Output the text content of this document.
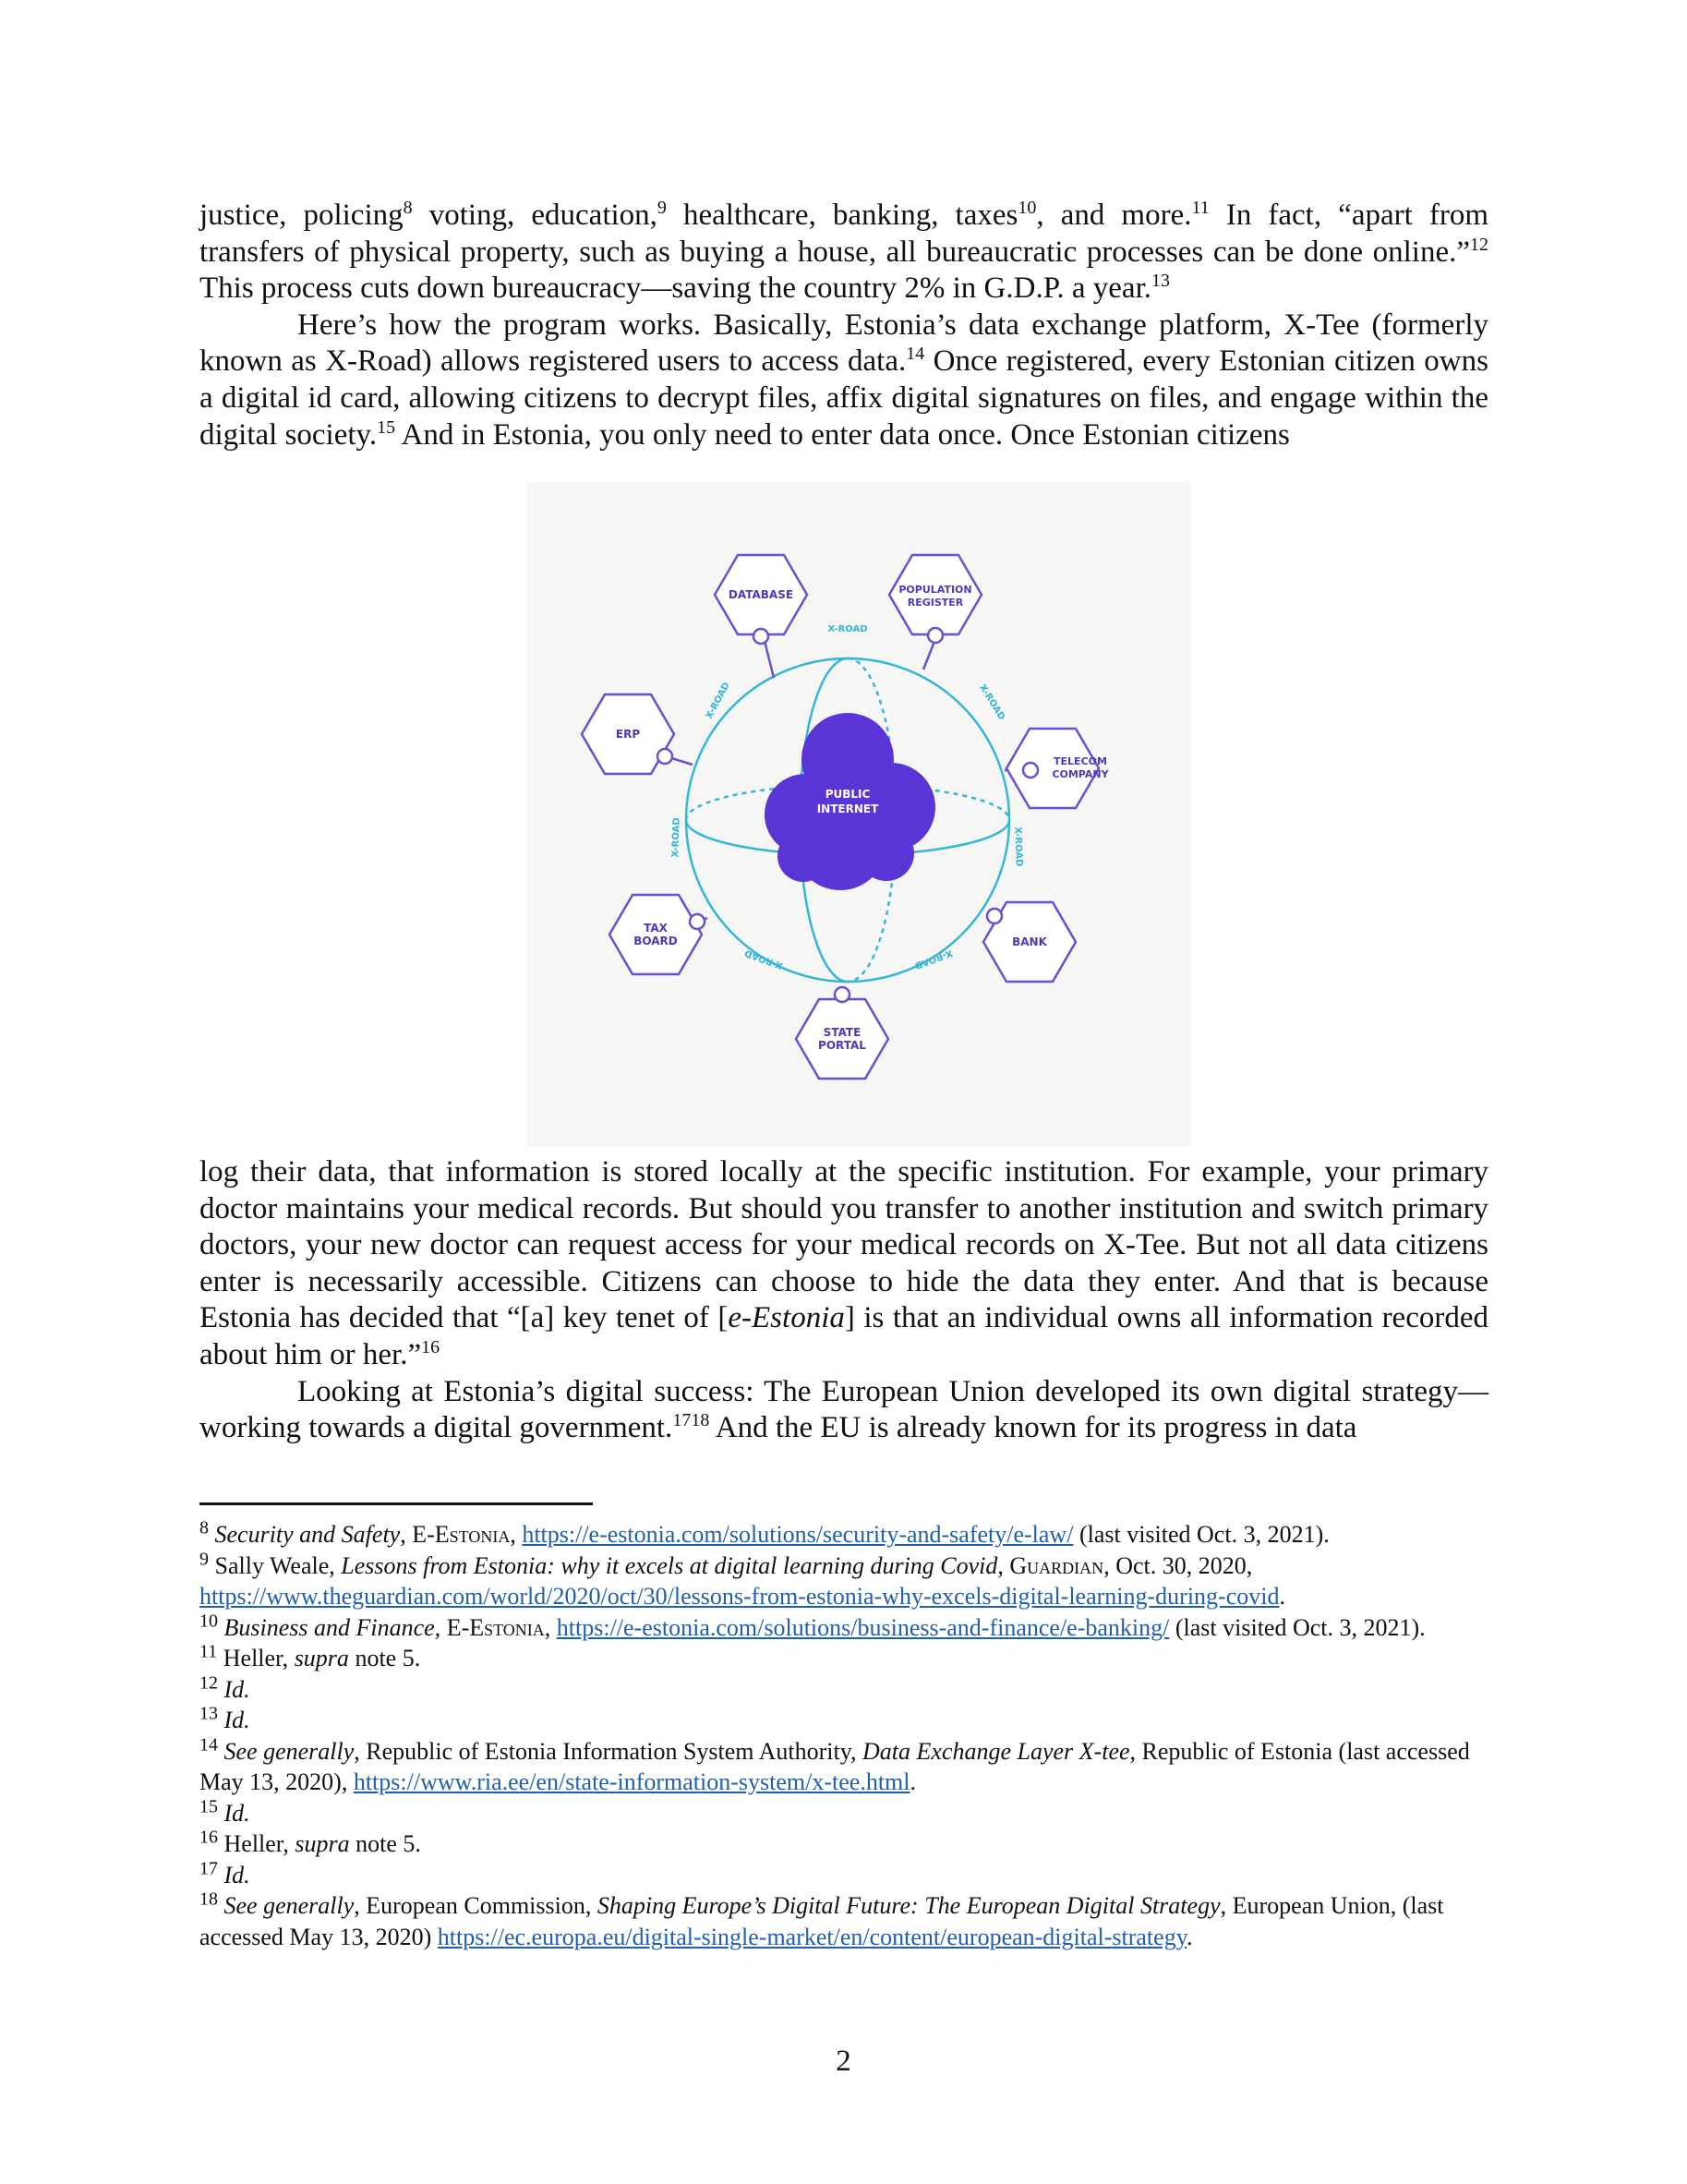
justice, policing$^8$ voting, education,$^9$ healthcare, banking, taxes$^{10}$, and more.$^{11}$ In fact, “apart from transfers of physical property, such as buying a house, all bureaucratic processes can be done online.”$^{12}$ This process cuts down bureaucracy—saving the country 2% in G.D.P. a year.$^{13}$

Here’s how the program works. Basically, Estonia’s data exchange platform, X-Tee (formerly known as X-Road) allows registered users to access data.$^{14}$ Once registered, every Estonian citizen owns a digital id card, allowing citizens to decrypt files, affix digital signatures on files, and engage within the digital society.$^{15}$ And in Estonia, you only need to enter data once. Once Estonian citizens

PUBLIC
INTERNET
DATABASE	POPULATION
REGISTER
ERP
TELECOM
COMPANY
TAX
BOARD	BANK
STATE
PORTAL
X-ROAD
X-ROAD	X-ROAD
X-ROAD	X-ROAD
X-ROAD	X-ROAD

log their data, that information is stored locally at the specific institution. For example, your primary doctor maintains your medical records. But should you transfer to another institution and switch primary doctors, your new doctor can request access for your medical records on X-Tee. But not all data citizens enter is necessarily accessible. Citizens can choose to hide the data they enter. And that is because Estonia has decided that “[a] key tenet of [e-Estonia] is that an individual owns all information recorded about him or her.”$^{16}$

Looking at Estonia’s digital success: The European Union developed its own digital strategy—working towards a digital government.$^{1718}$ And the EU is already known for its progress in data

$^8$ Security and Safety, E-Estonia, https://e-estonia.com/solutions/security-and-safety/e-law/ (last visited Oct. 3, 2021).

$^9$ Sally Weale, Lessons from Estonia: why it excels at digital learning during Covid, Guardian, Oct. 30, 2020,
https://www.theguardian.com/world/2020/oct/30/lessons-from-estonia-why-excels-digital-learning-during-covid.

$^{10}$ Business and Finance, E-Estonia, https://e-estonia.com/solutions/business-and-finance/e-banking/ (last visited Oct. 3, 2021).

$^{11}$ Heller, supra note 5.

$^{12}$ Id.

$^{13}$ Id.

$^{14}$ See generally, Republic of Estonia Information System Authority, Data Exchange Layer X-tee, Republic of Estonia (last accessed May 13, 2020), https://www.ria.ee/en/state-information-system/x-tee.html.

$^{15}$ Id.

$^{16}$ Heller, supra note 5.

$^{17}$ Id.

$^{18}$ See generally, European Commission, Shaping Europe’s Digital Future: The European Digital Strategy, European Union, (last accessed May 13, 2020) https://ec.europa.eu/digital-single-market/en/content/european-digital-strategy.

2
